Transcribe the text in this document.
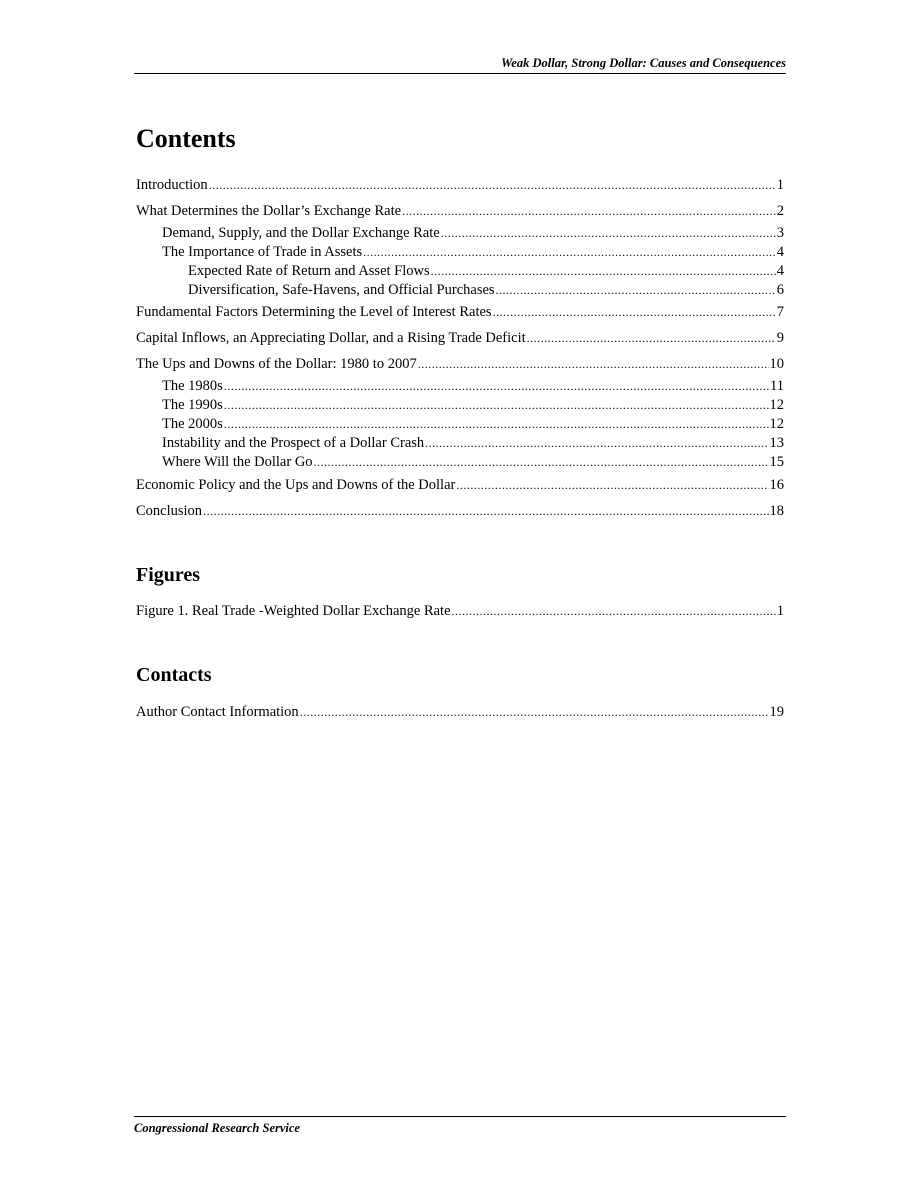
Weak Dollar, Strong Dollar: Causes and Consequences
Contents
Introduction .....	1
What Determines the Dollar’s Exchange Rate .....	2
Demand, Supply, and the Dollar Exchange Rate .....	3
The Importance of Trade in Assets .....	4
Expected Rate of Return and Asset Flows .....	4
Diversification, Safe-Havens, and Official Purchases .....	6
Fundamental Factors Determining the Level of Interest Rates .....	7
Capital Inflows, an Appreciating Dollar, and a Rising Trade Deficit .....	9
The Ups and Downs of the Dollar: 1980 to 2007 .....	10
The 1980s .....	11
The 1990s .....	12
The 2000s .....	12
Instability and the Prospect of a Dollar Crash .....	13
Where Will the Dollar Go .....	15
Economic Policy and the Ups and Downs of the Dollar .....	16
Conclusion .....	18
Figures
Figure 1. Real Trade -Weighted Dollar Exchange Rate .....	1
Contacts
Author Contact Information .....	19
Congressional Research Service
